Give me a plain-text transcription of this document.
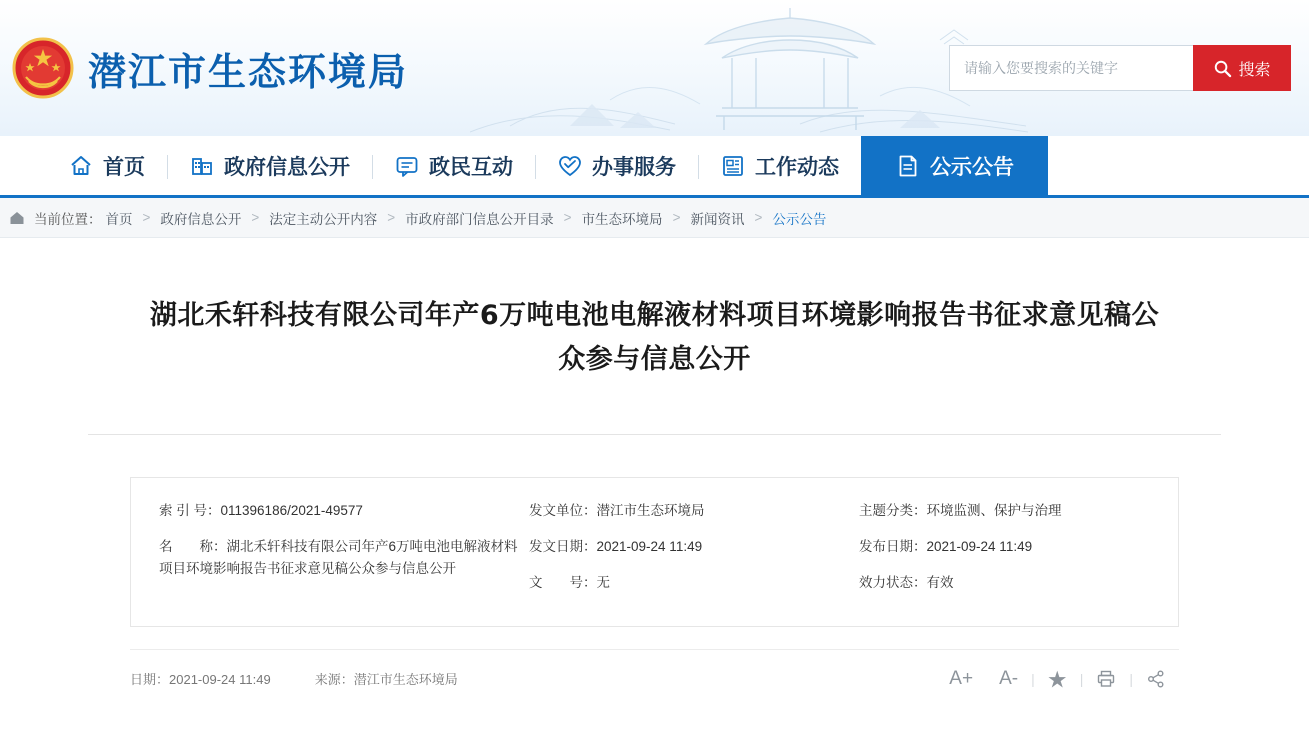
潜江市生态环境局
请输入您要搜索的关键字	搜索
首页	政府信息公开	政民互动	办事服务	工作动态	公示公告
当前位置： 首页 > 政府信息公开 > 法定主动公开内容 > 市政府部门信息公开目录 > 市生态环境局 > 新闻资讯 > 公示公告
湖北禾轩科技有限公司年产6万吨电池电解液材料项目环境影响报告书征求意见稿公众参与信息公开
索 引 号：011396186/2021-49577	发文单位：潜江市生态环境局	主题分类：环境监测、保护与治理
名　　称：湖北禾轩科技有限公司年产6万吨电池电解液材料项目环境影响报告书征求意见稿公众参与信息公开
发文日期：2021-09-24 11:49	发布日期：2021-09-24 11:49
文　　号：无	效力状态：有效
日期：2021-09-24 11:49	来源：潜江市生态环境局	A+	A- | ★ |	|
